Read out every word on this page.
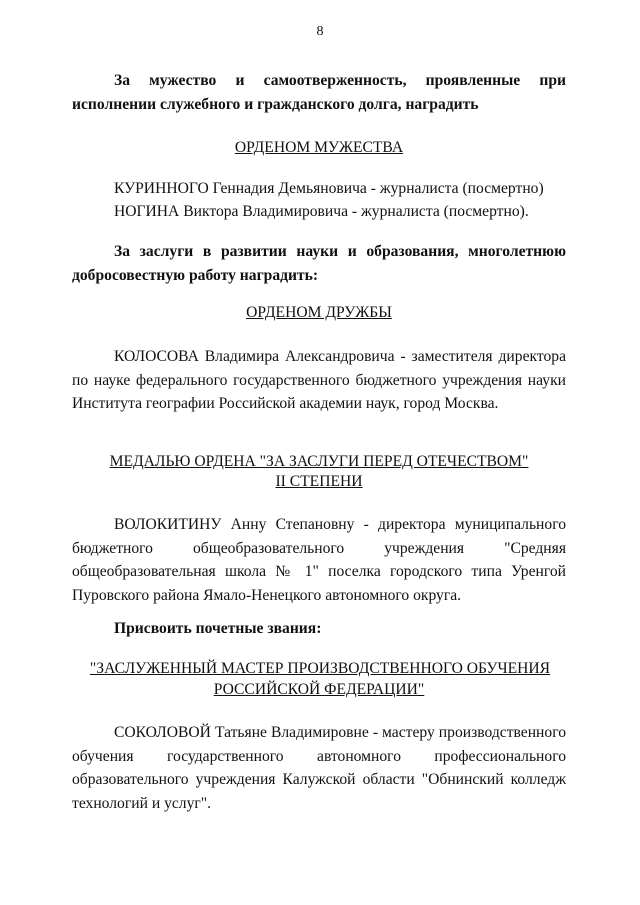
8

За мужество и самоотверженность, проявленные при исполнении служебного и гражданского долга, наградить

ОРДЕНОМ МУЖЕСТВА

КУРИННОГО Геннадия Демьяновича - журналиста (посмертно)

НОГИНА Виктора Владимировича - журналиста (посмертно).

За заслуги в развитии науки и образования, многолетнюю добросовестную работу наградить:

ОРДЕНОМ ДРУЖБЫ

КОЛОСОВА Владимира Александровича - заместителя директора по науке федерального государственного бюджетного учреждения науки Института географии Российской академии наук, город Москва.

МЕДАЛЬЮ ОРДЕНА "ЗА ЗАСЛУГИ ПЕРЕД ОТЕЧЕСТВОМ"
II СТЕПЕНИ

ВОЛОКИТИНУ Анну Степановну - директора муниципального бюджетного общеобразовательного учреждения "Средняя общеобразовательная школа № 1" поселка городского типа Уренгой Пуровского района Ямало-Ненецкого автономного округа.

Присвоить почетные звания:

"ЗАСЛУЖЕННЫЙ МАСТЕР ПРОИЗВОДСТВЕННОГО ОБУЧЕНИЯ
РОССИЙСКОЙ ФЕДЕРАЦИИ"

СОКОЛОВОЙ Татьяне Владимировне - мастеру производственного обучения государственного автономного профессионального образовательного учреждения Калужской области "Обнинский колледж технологий и услуг".
